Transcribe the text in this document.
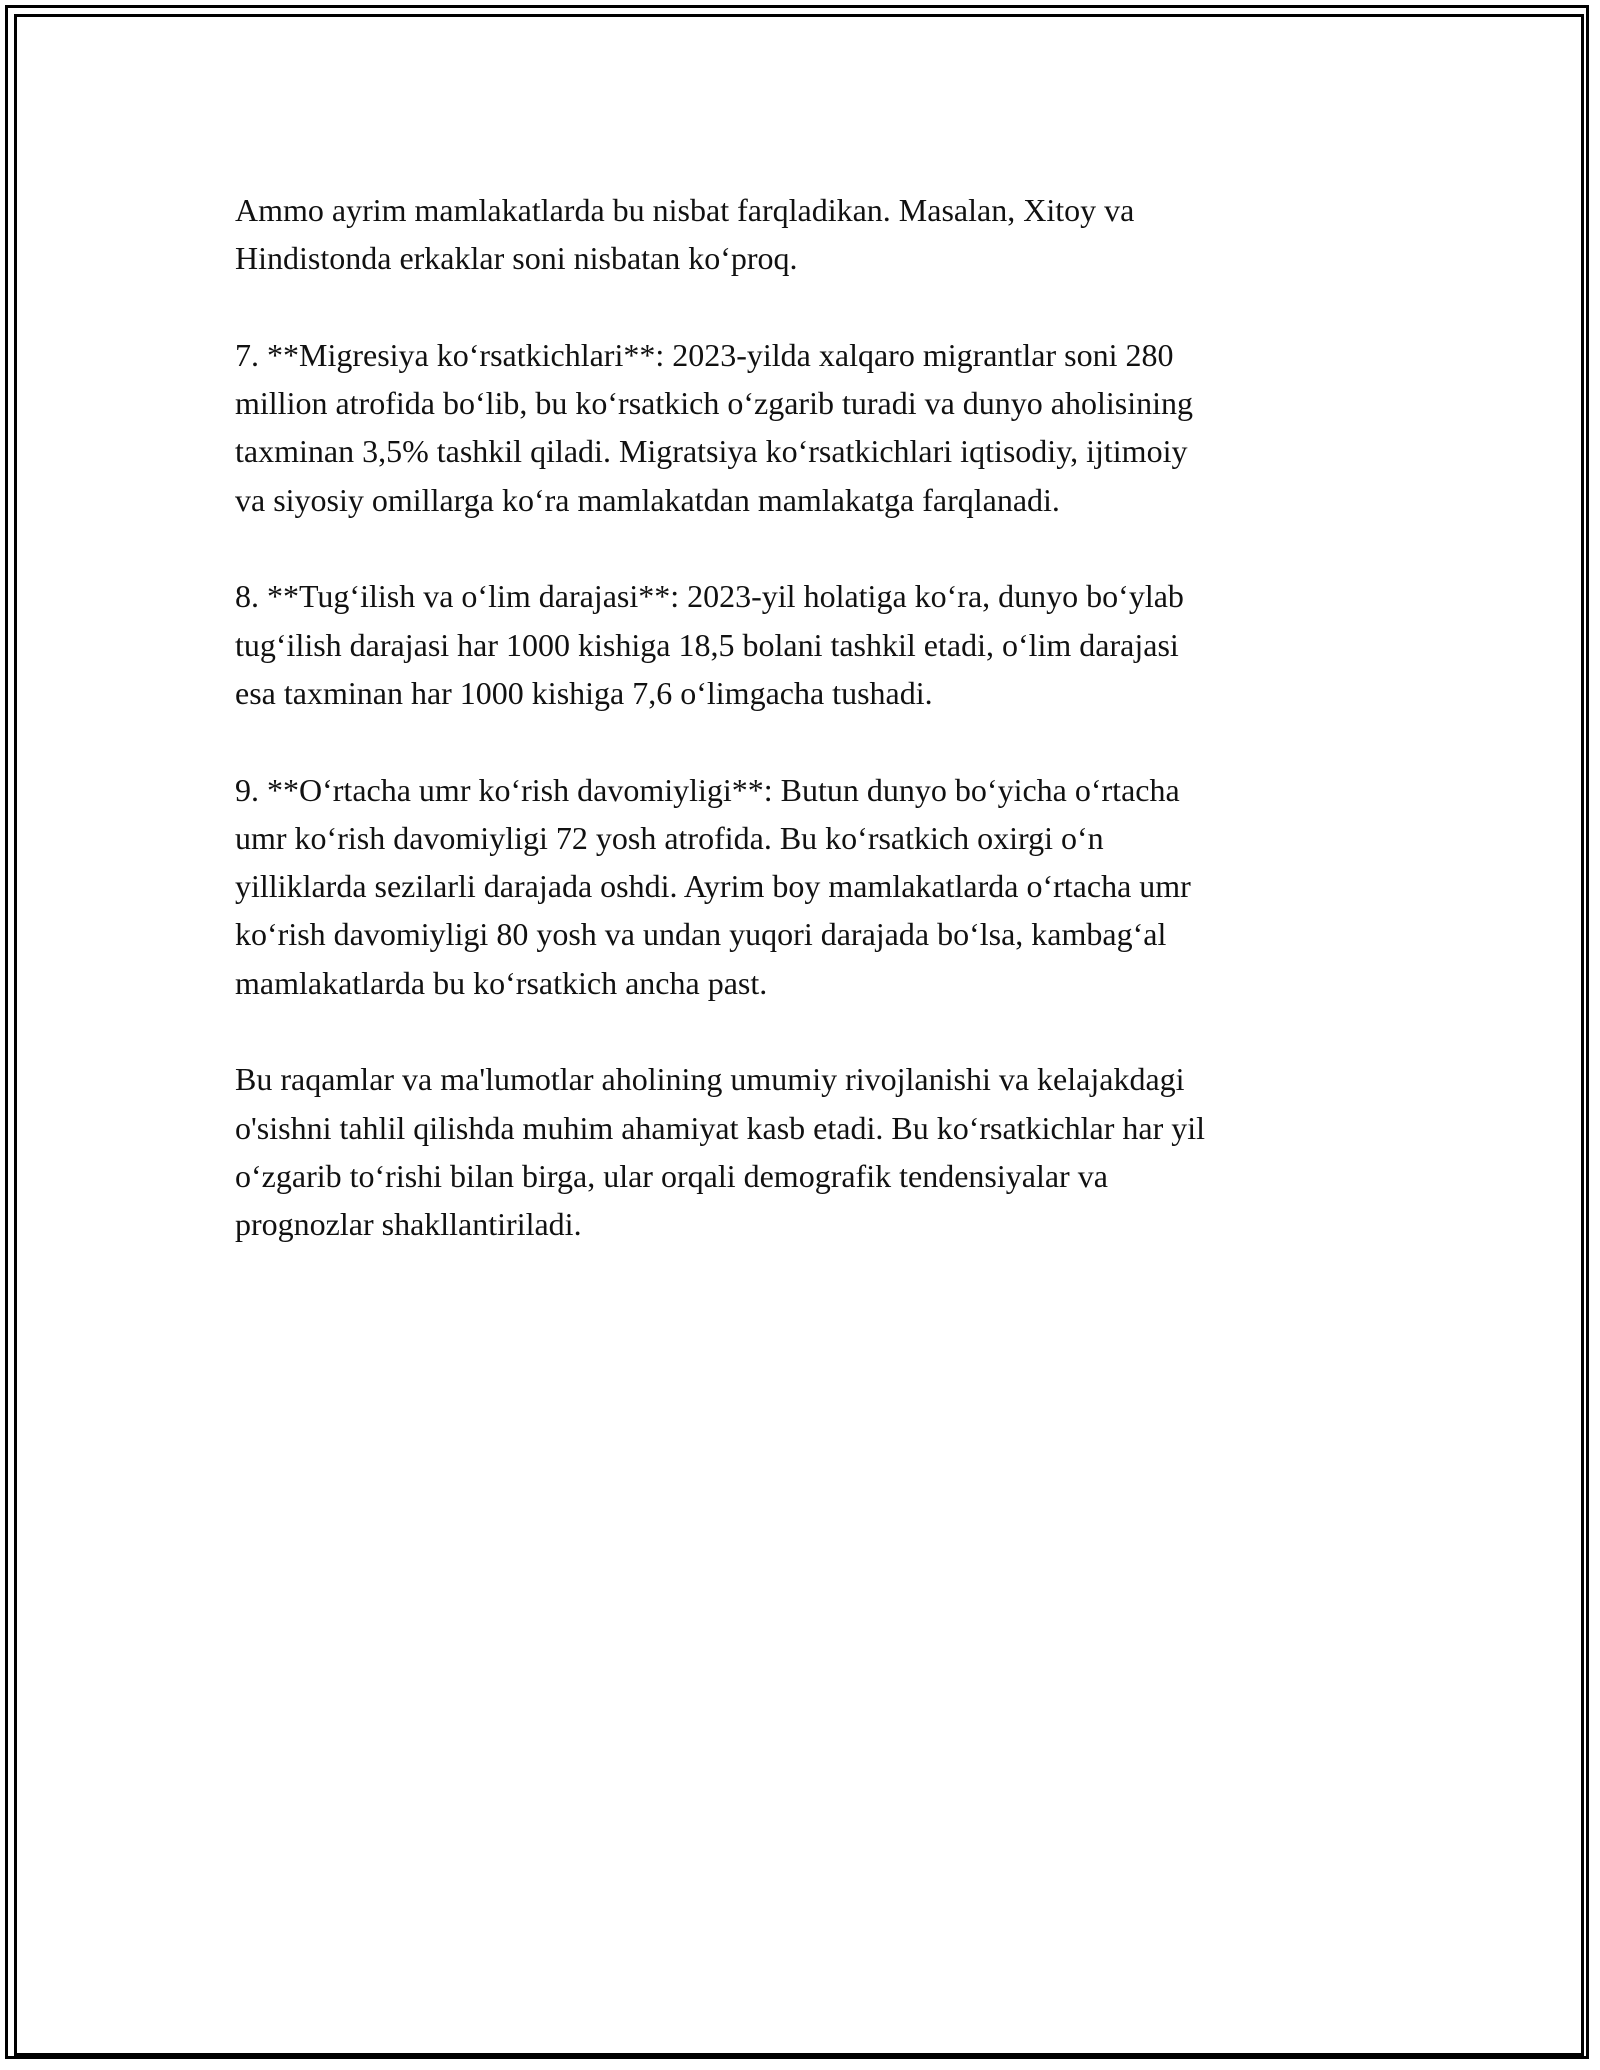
Ammo ayrim mamlakatlarda bu nisbat farqladikan. Masalan, Xitoy va
Hindistonda erkaklar soni nisbatan koʻproq.

7. **Migresiya koʻrsatkichlari**: 2023-yilda xalqaro migrantlar soni 280
million atrofida boʻlib, bu koʻrsatkich oʻzgarib turadi va dunyo aholisining
taxminan 3,5% tashkil qiladi. Migratsiya koʻrsatkichlari iqtisodiy, ijtimoiy
va siyosiy omillarga koʻra mamlakatdan mamlakatga farqlanadi.

8. **Tugʻilish va oʻlim darajasi**: 2023-yil holatiga koʻra, dunyo boʻylab
tugʻilish darajasi har 1000 kishiga 18,5 bolani tashkil etadi, oʻlim darajasi
esa taxminan har 1000 kishiga 7,6 oʻlimgacha tushadi.

9. **Oʻrtacha umr koʻrish davomiyligi**: Butun dunyo boʻyicha oʻrtacha
umr koʻrish davomiyligi 72 yosh atrofida. Bu koʻrsatkich oxirgi oʻn
yilliklarda sezilarli darajada oshdi. Ayrim boy mamlakatlarda oʻrtacha umr
koʻrish davomiyligi 80 yosh va undan yuqori darajada boʻlsa, kambagʻal
mamlakatlarda bu koʻrsatkich ancha past.

Bu raqamlar va ma'lumotlar aholining umumiy rivojlanishi va kelajakdagi
o'sishni tahlil qilishda muhim ahamiyat kasb etadi. Bu koʻrsatkichlar har yil
oʻzgarib toʻrishi bilan birga, ular orqali demografik tendensiyalar va
prognozlar shakllantiriladi.
